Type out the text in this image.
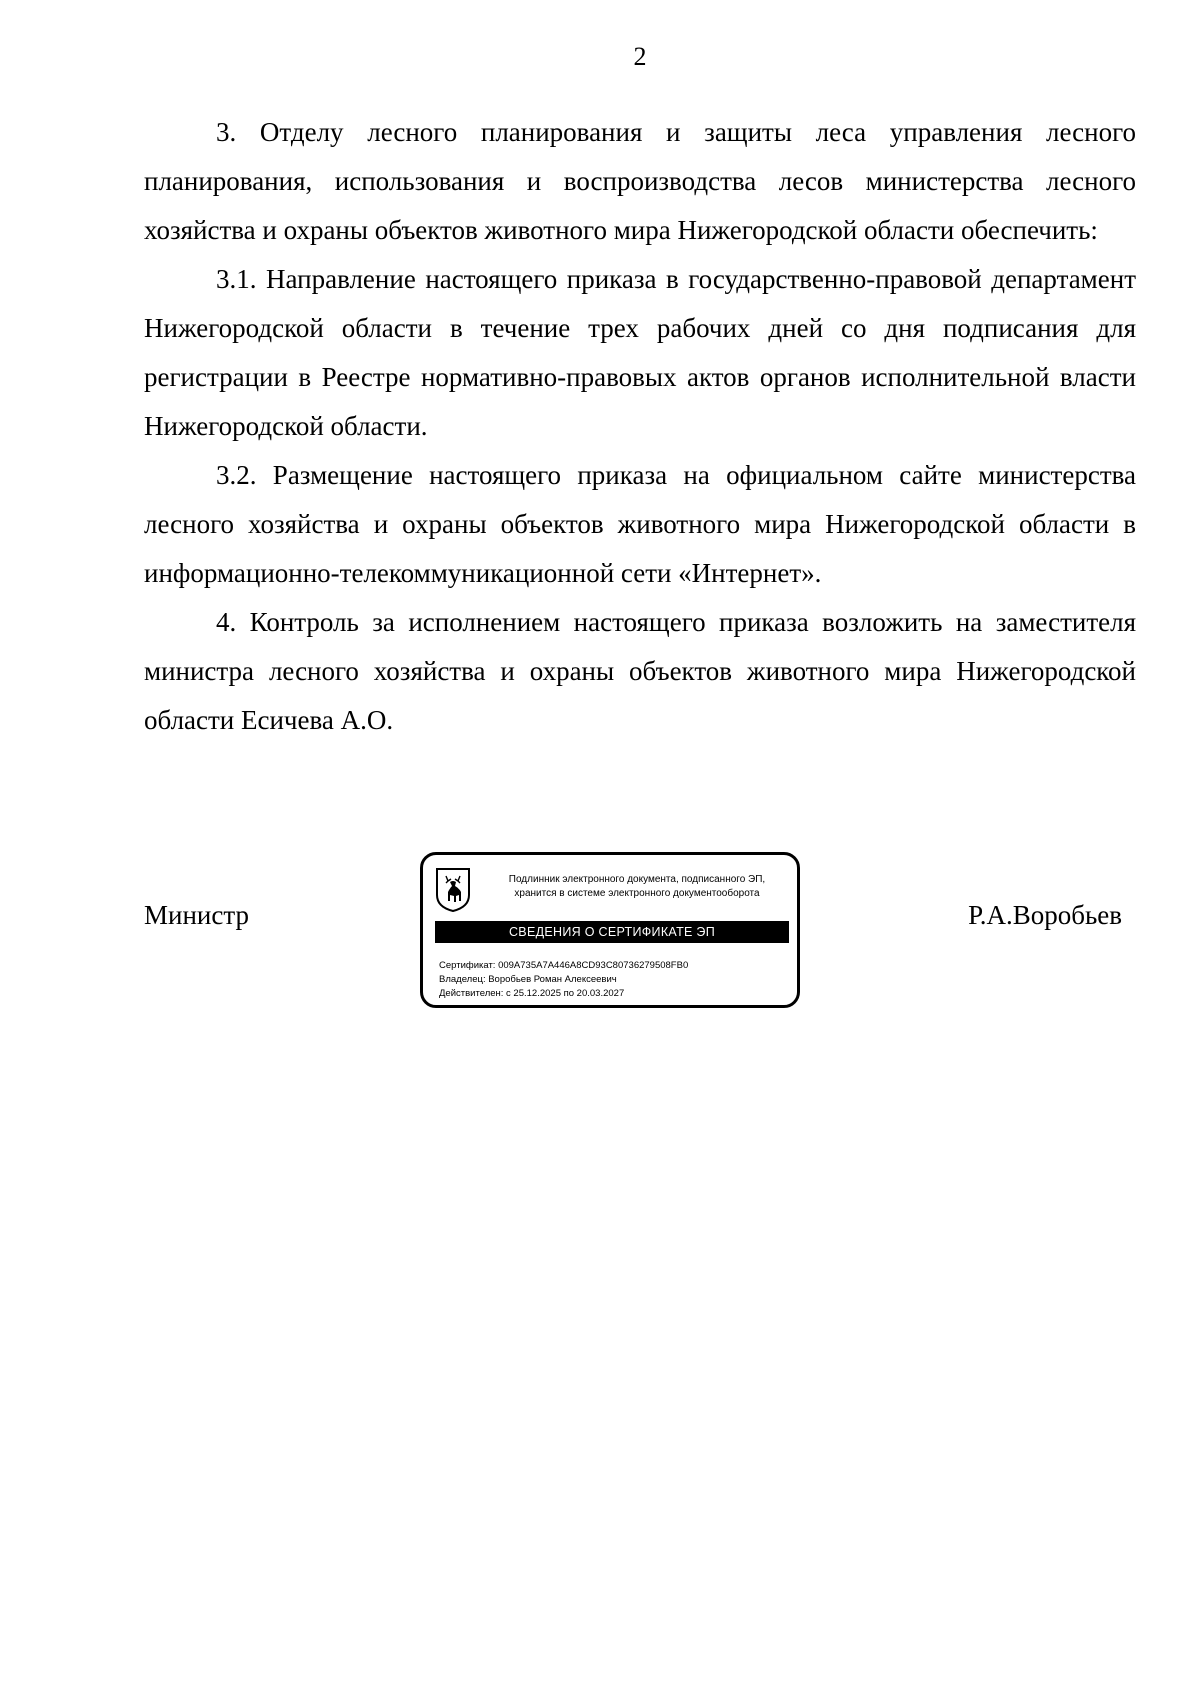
2

3. Отделу лесного планирования и защиты леса управления лесного планирования, использования и воспроизводства лесов министерства лесного хозяйства и охраны объектов животного мира Нижегородской области обеспечить:

3.1. Направление настоящего приказа в государственно-правовой департамент Нижегородской области в течение трех рабочих дней со дня подписания для регистрации в Реестре нормативно-правовых актов органов исполнительной власти Нижегородской области.

3.2. Размещение настоящего приказа на официальном сайте министерства лесного хозяйства и охраны объектов животного мира Нижегородской области в информационно-телекоммуникационной сети «Интернет».

4. Контроль за исполнением настоящего приказа возложить на заместителя министра лесного хозяйства и охраны объектов животного мира Нижегородской области Есичева А.О.

Министр
Подлинник электронного документа, подписанного ЭП,
хранится в системе электронного документооборота
СВЕДЕНИЯ О СЕРТИФИКАТЕ ЭП
Сертификат: 009A735A7A446A8CD93C80736279508FB0
Владелец: Воробьев Роман Алексеевич
Действителен: с 25.12.2025 по 20.03.2027
Р.А.Воробьев
